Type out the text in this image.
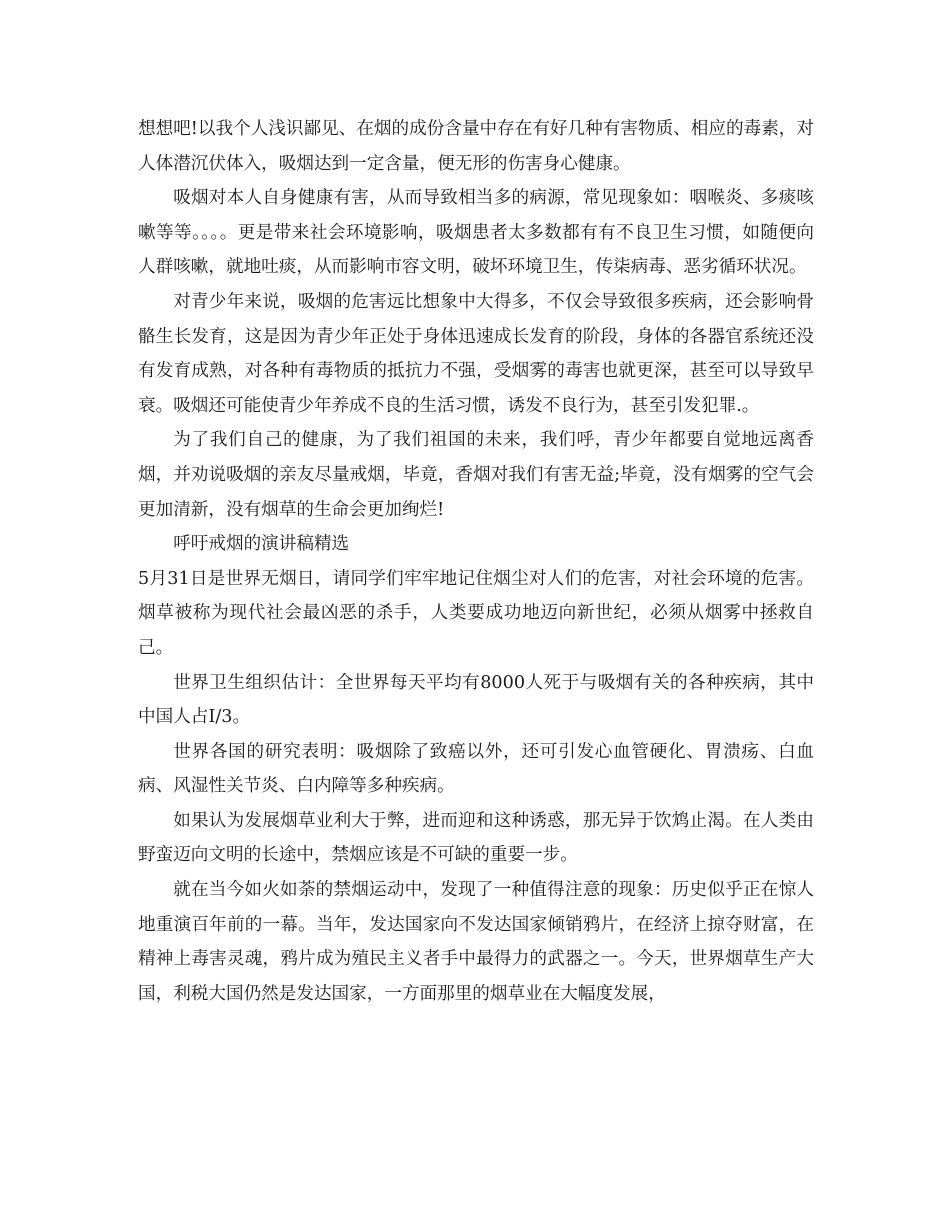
想想吧!以我个人浅识鄙见、在烟的成份含量中存在有好几种有害物质、相应的毒素，对人体潜沉伏体入，吸烟达到一定含量，便无形的伤害身心健康。

吸烟对本人自身健康有害，从而导致相当多的病源，常见现象如：咽喉炎、多痰咳嗽等等。。。。更是带来社会环境影响，吸烟患者太多数都有有不良卫生习惯，如随便向人群咳嗽，就地吐痰，从而影响市容文明，破坏环境卫生，传柒病毒、恶劣循环状况。

对青少年来说，吸烟的危害远比想象中大得多，不仅会导致很多疾病，还会影响骨骼生长发育，这是因为青少年正处于身体迅速成长发育的阶段，身体的各器官系统还没有发育成熟，对各种有毒物质的抵抗力不强，受烟雾的毒害也就更深，甚至可以导致早衰。吸烟还可能使青少年养成不良的生活习惯，诱发不良行为，甚至引发犯罪.。

为了我们自己的健康，为了我们祖国的未来，我们呼，青少年都要自觉地远离香烟，并劝说吸烟的亲友尽量戒烟，毕竟，香烟对我们有害无益;毕竟，没有烟雾的空气会更加清新，没有烟草的生命会更加绚烂!

呼吁戒烟的演讲稿精选

5月31日是世界无烟日，请同学们牢牢地记住烟尘对人们的危害，对社会环境的危害。烟草被称为现代社会最凶恶的杀手，人类要成功地迈向新世纪，必须从烟雾中拯救自己。

世界卫生组织估计：全世界每天平均有8000人死于与吸烟有关的各种疾病，其中中国人占I/3。

世界各国的研究表明：吸烟除了致癌以外，还可引发心血管硬化、胃溃疡、白血病、风湿性关节炎、白内障等多种疾病。

如果认为发展烟草业利大于弊，进而迎和这种诱惑，那无异于饮鸩止渴。在人类由野蛮迈向文明的长途中，禁烟应该是不可缺的重要一步。

就在当今如火如荼的禁烟运动中，发现了一种值得注意的现象：历史似乎正在惊人地重演百年前的一幕。当年，发达国家向不发达国家倾销鸦片，在经济上掠夺财富，在精神上毒害灵魂，鸦片成为殖民主义者手中最得力的武器之一。今天，世界烟草生产大国，利税大国仍然是发达国家，一方面那里的烟草业在大幅度发展，
